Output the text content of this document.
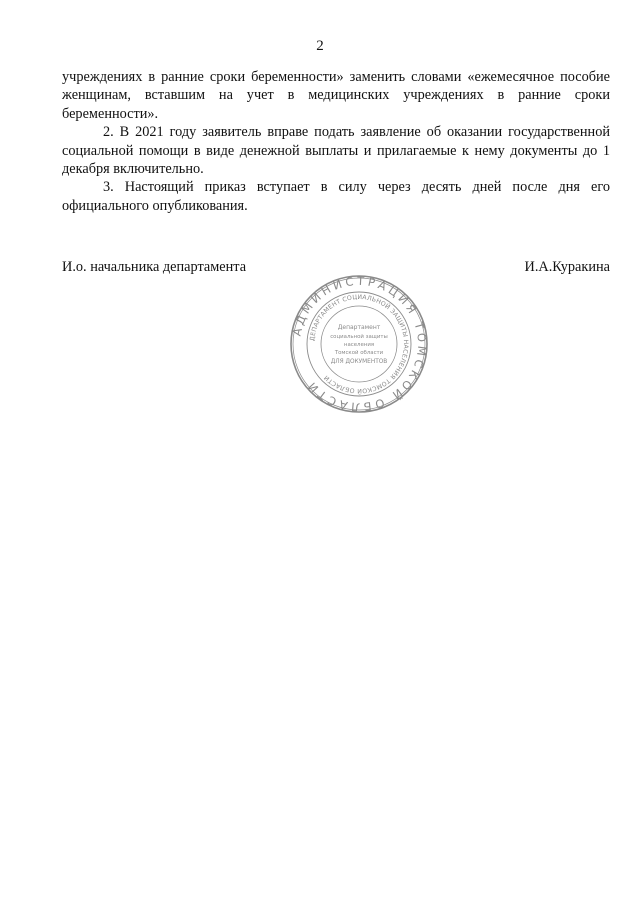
2

учреждениях в ранние сроки беременности» заменить словами «ежемесячное пособие женщинам, вставшим на учет в медицинских учреждениях в ранние сроки беременности».

2. В 2021 году заявитель вправе подать заявление об оказании государственной социальной помощи в виде денежной выплаты и прилагаемые к нему документы до 1 декабря включительно.

3. Настоящий приказ вступает в силу через десять дней после дня его официального опубликования.

И.о. начальника департамента	И.А.Куракина
АДМИНИСТРАЦИЯ ТОМСКОЙ ОБЛАСТИ
ДЕПАРТАМЕНТ СОЦИАЛЬНОЙ ЗАЩИТЫ НАСЕЛЕНИЯ ТОМСКОЙ ОБЛАСТИ
Департамент
социальной защиты
населения
Томской области
ДЛЯ ДОКУМЕНТОВ
